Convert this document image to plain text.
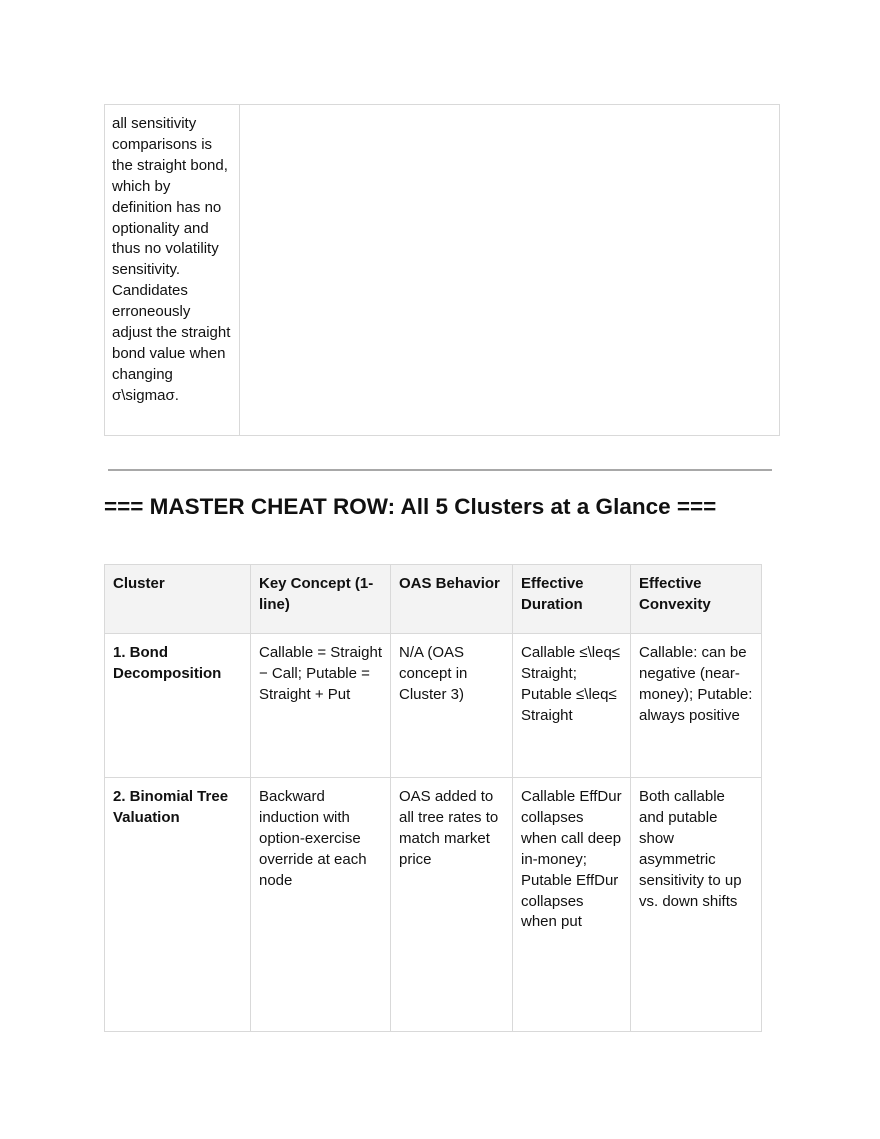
all sensitivity comparisons is the straight bond, which by definition has no optionality and thus no volatility sensitivity. Candidates erroneously adjust the straight bond value when changing σ\sigmaσ.	
=== MASTER CHEAT ROW: All 5 Clusters at a Glance ===
Cluster	Key Concept (1-line)	OAS Behavior	Effective Duration	Effective Convexity
1. Bond Decomposition	Callable = Straight − Call; Putable = Straight + Put	N/A (OAS concept in Cluster 3)	Callable ≤\leq≤ Straight; Putable ≤\leq≤ Straight	Callable: can be negative (near-money); Putable: always positive
2. Binomial Tree Valuation	Backward induction with option-exercise override at each node	OAS added to all tree rates to match market price	Callable EffDur collapses when call deep in-money; Putable EffDur collapses when put	Both callable and putable show asymmetric sensitivity to up vs. down shifts
